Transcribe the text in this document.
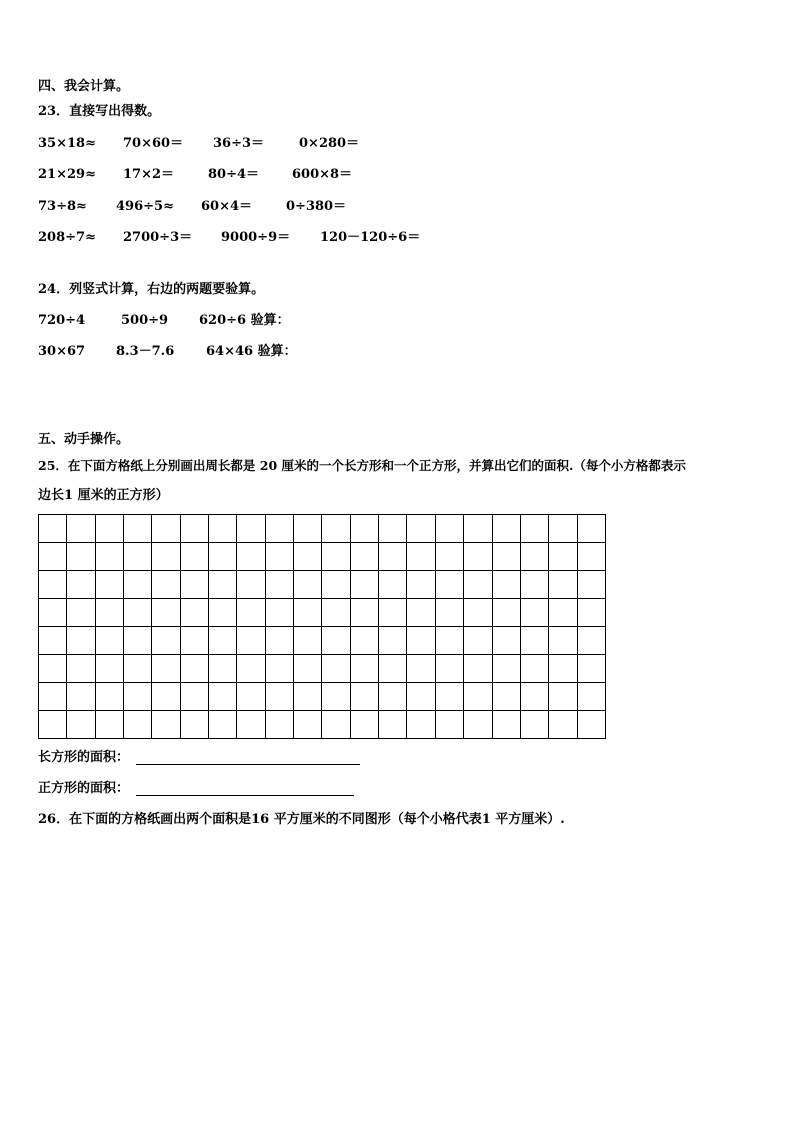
四、我会计算。
23．直接写出得数。
35×18≈ 70×60＝ 36÷3＝	0×280＝
21×29≈ 17×2＝	80÷4＝	600×8＝
73÷8≈ 496÷5≈ 60×4＝	0÷380＝
208÷7≈ 2700÷3＝ 9000÷9＝ 120－120÷6＝
24．列竖式计算，右边的两题要验算。
720÷4	500÷9 620÷6 验算：
30×67 8.3－7.6 64×46 验算：
五、动手操作。
25．在下面方格纸上分别画出周长都是 20 厘米的一个长方形和一个正方形，并算出它们的面积.（每个小方格都表示
边长1 厘米的正方形）

长方形的面积：
正方形的面积：
26．在下面的方格纸画出两个面积是16 平方厘米的不同图形（每个小格代表1 平方厘米）.
